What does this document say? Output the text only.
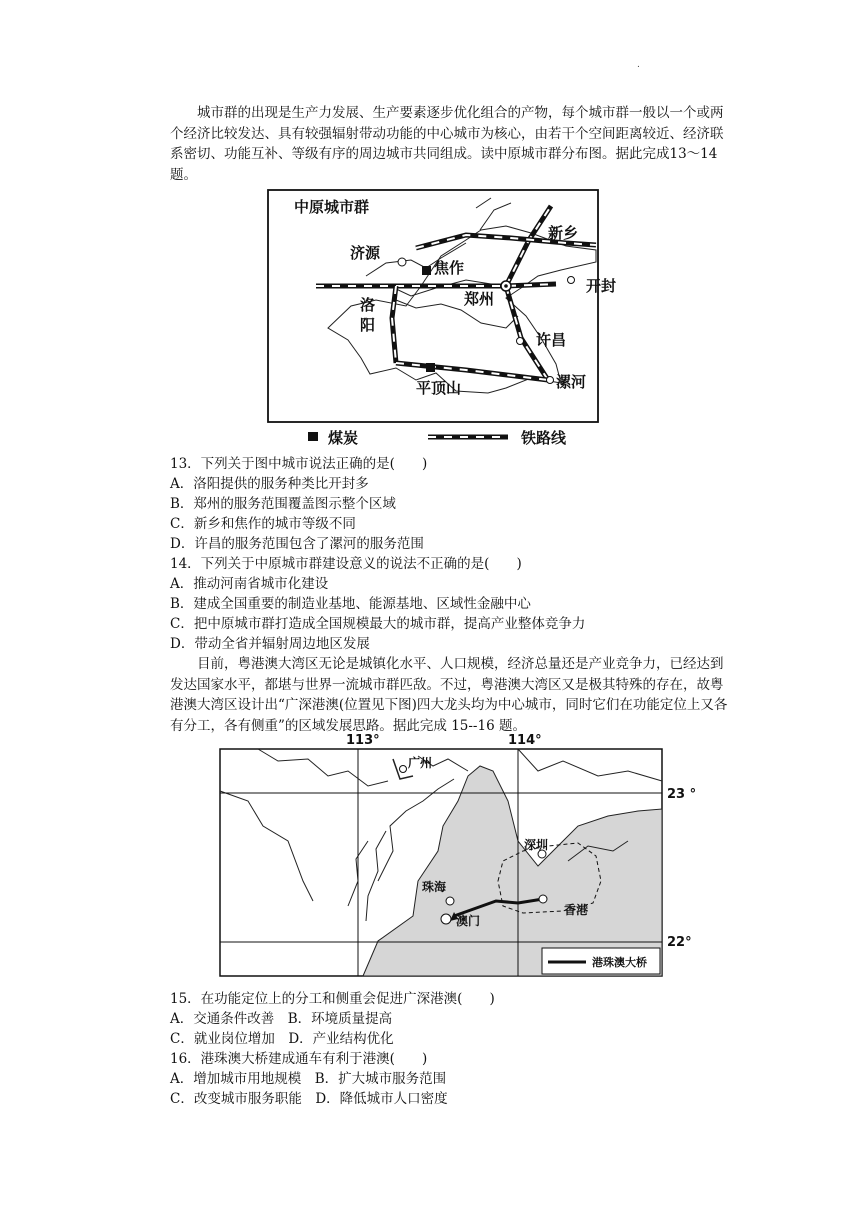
.

城市群的出现是生产力发展、生产要素逐步优化组合的产物，每个城市群一般以一个或两个经济比较发达、具有较强辐射带动功能的中心城市为核心，由若干个空间距离较近、经济联系密切、功能互补、等级有序的周边城市共同组成。读中原城市群分布图。据此完成13～14题。

中原城市群
济源
焦作
新乡
开封
郑州
洛
阳
许昌
平顶山	漯河
煤炭	铁路线

13．下列关于图中城市说法正确的是(　　)

A．洛阳提供的服务种类比开封多

B．郑州的服务范围覆盖图示整个区域

C．新乡和焦作的城市等级不同

D．许昌的服务范围包含了漯河的服务范围

14．下列关于中原城市群建设意义的说法不正确的是(　　)

A．推动河南省城市化建设

B．建成全国重要的制造业基地、能源基地、区域性金融中心

C．把中原城市群打造成全国规模最大的城市群，提高产业整体竞争力

D．带动全省并辐射周边地区发展

目前，粤港澳大湾区无论是城镇化水平、人口规模，经济总量还是产业竞争力，已经达到发达国家水平，都堪与世界一流城市群匹敌。不过，粤港澳大湾区又是极其特殊的存在，故粤港澳大湾区设计出“广深港澳(位置见下图)四大龙头均为中心城市，同时它们在功能定位上又各有分工，各有侧重”的区域发展思路。据此完成 15--16 题。

113°	114°
23 °
22°
广州
深圳
珠海
澳门
香港
港珠澳大桥

15．在功能定位上的分工和侧重会促进广深港澳(　　)

A．交通条件改善　B．环境质量提高

C．就业岗位增加　D．产业结构优化

16．港珠澳大桥建成通车有利于港澳(　　)

A．增加城市用地规模　B．扩大城市服务范围

C．改变城市服务职能　D．降低城市人口密度
